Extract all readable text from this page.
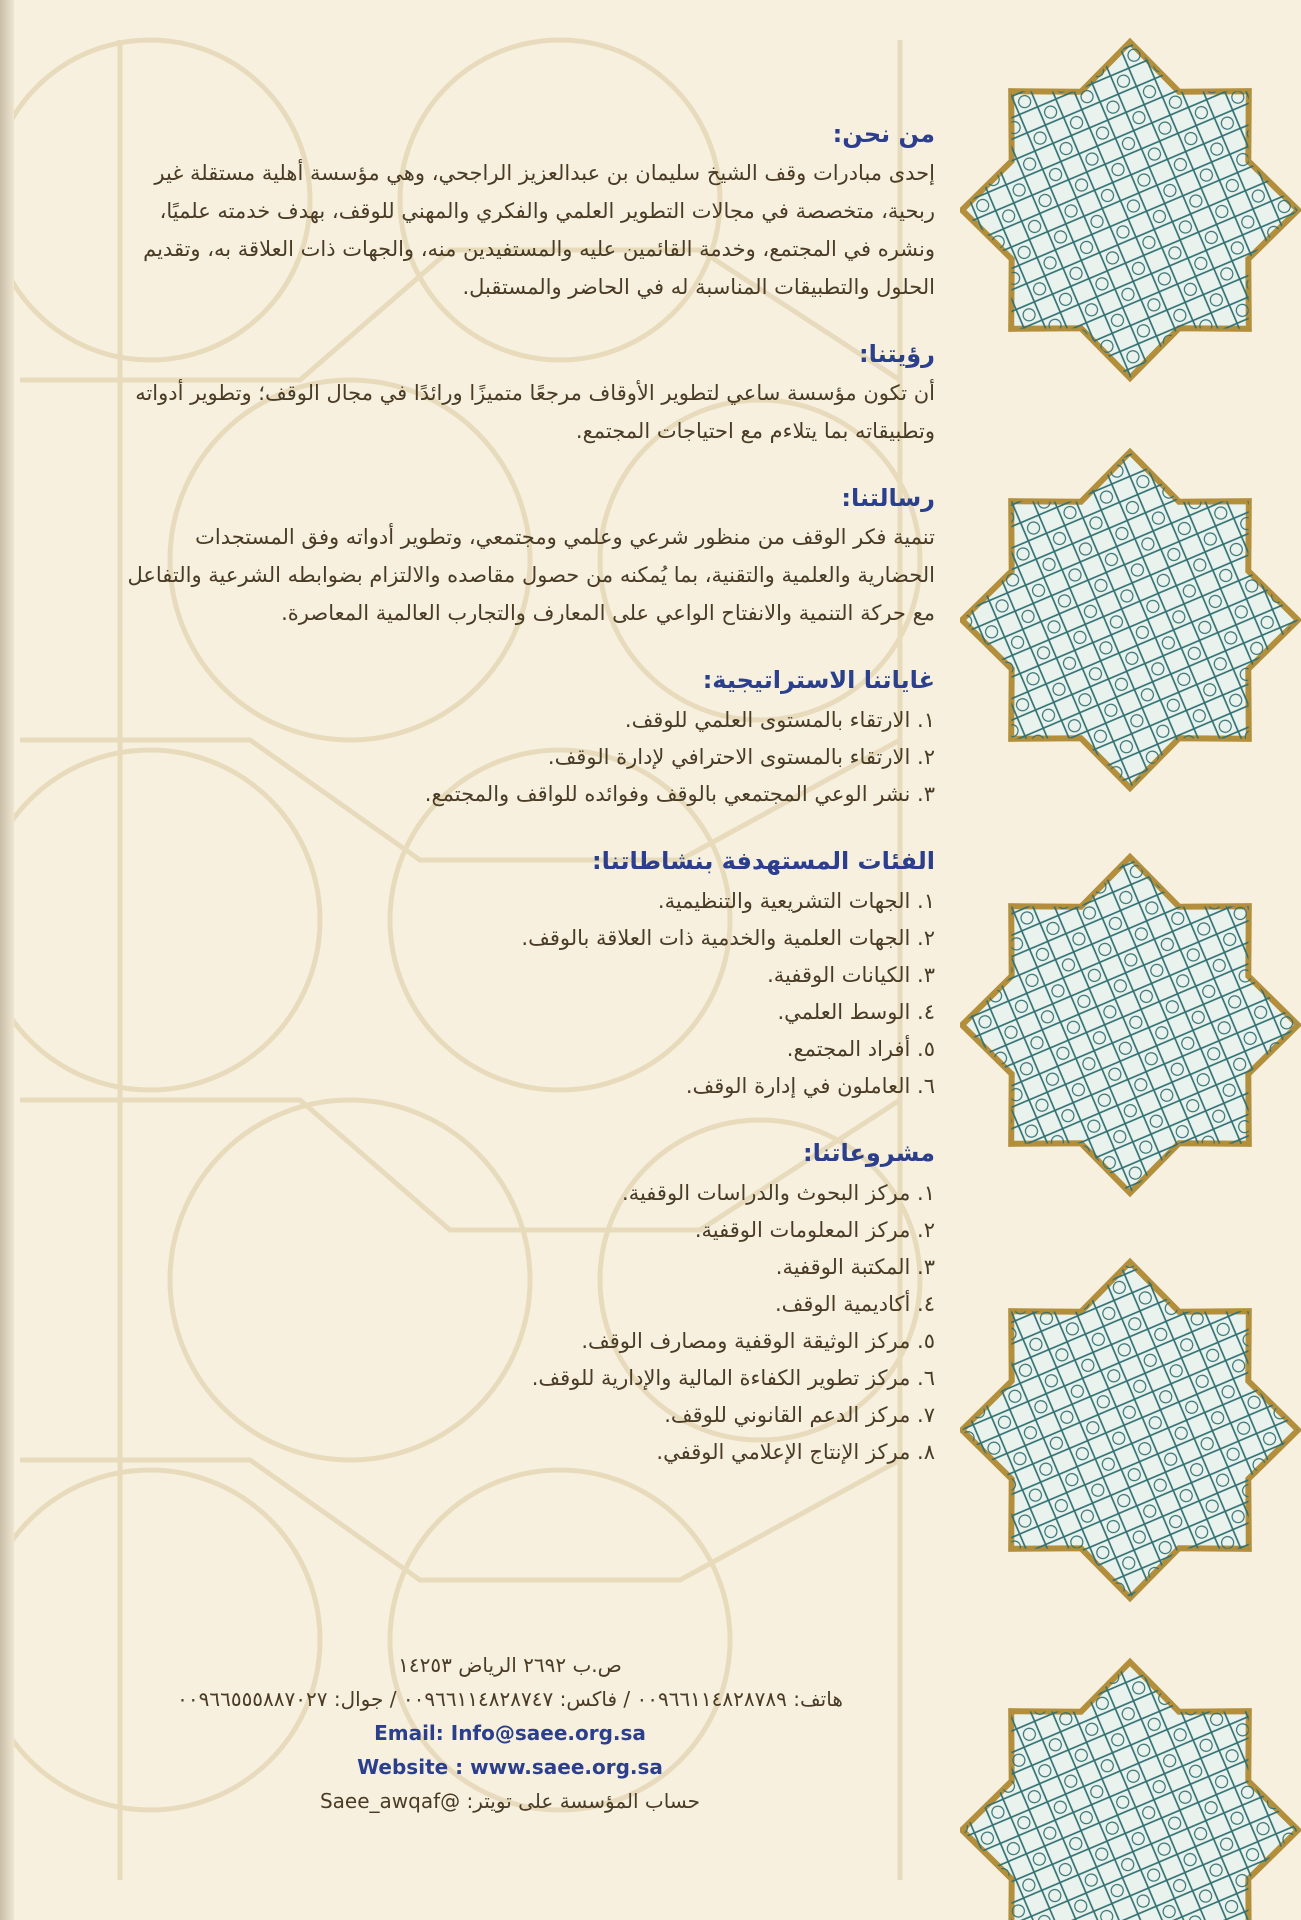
من نحن:

إحدى مبادرات وقف الشيخ سليمان بن عبدالعزيز الراجحي، وهي مؤسسة أهلية مستقلة غير ربحية، متخصصة في مجالات التطوير العلمي والفكري والمهني للوقف، بهدف خدمته علميًا، ونشره في المجتمع، وخدمة القائمين عليه والمستفيدين منه، والجهات ذات العلاقة به، وتقديم الحلول والتطبيقات المناسبة له في الحاضر والمستقبل.

رؤيتنا:

أن تكون مؤسسة ساعي لتطوير الأوقاف مرجعًا متميزًا ورائدًا في مجال الوقف؛ وتطوير أدواته وتطبيقاته بما يتلاءم مع احتياجات المجتمع.

رسالتنا:

تنمية فكر الوقف من منظور شرعي وعلمي ومجتمعي، وتطوير أدواته وفق المستجدات الحضارية والعلمية والتقنية، بما يُمكنه من حصول مقاصده والالتزام بضوابطه الشرعية والتفاعل مع حركة التنمية والانفتاح الواعي على المعارف والتجارب العالمية المعاصرة.

غاياتنا الاستراتيجية:
١. الارتقاء بالمستوى العلمي للوقف.
٢. الارتقاء بالمستوى الاحترافي لإدارة الوقف.
٣. نشر الوعي المجتمعي بالوقف وفوائده للواقف والمجتمع.
الفئات المستهدفة بنشاطاتنا:
١. الجهات التشريعية والتنظيمية.
٢. الجهات العلمية والخدمية ذات العلاقة بالوقف.
٣. الكيانات الوقفية.
٤. الوسط العلمي.
٥. أفراد المجتمع.
٦. العاملون في إدارة الوقف.
مشروعاتنا:
١. مركز البحوث والدراسات الوقفية.
٢. مركز المعلومات الوقفية.
٣. المكتبة الوقفية.
٤. أكاديمية الوقف.
٥. مركز الوثيقة الوقفية ومصارف الوقف.
٦. مركز تطوير الكفاءة المالية والإدارية للوقف.
٧. مركز الدعم القانوني للوقف.
٨. مركز الإنتاج الإعلامي الوقفي.
ص.ب ٢٦٩٢ الرياض ١٤٢٥٣
هاتف: ٠٠٩٦٦١١٤٨٢٨٧٨٩ / فاكس: ٠٠٩٦٦١١٤٨٢٨٧٤٧ / جوال: ٠٠٩٦٦٥٥٥٨٨٧٠٢٧
Email: Info@saee.org.sa
Website : www.saee.org.sa
حساب المؤسسة على تويتر: @Saee_awqaf
